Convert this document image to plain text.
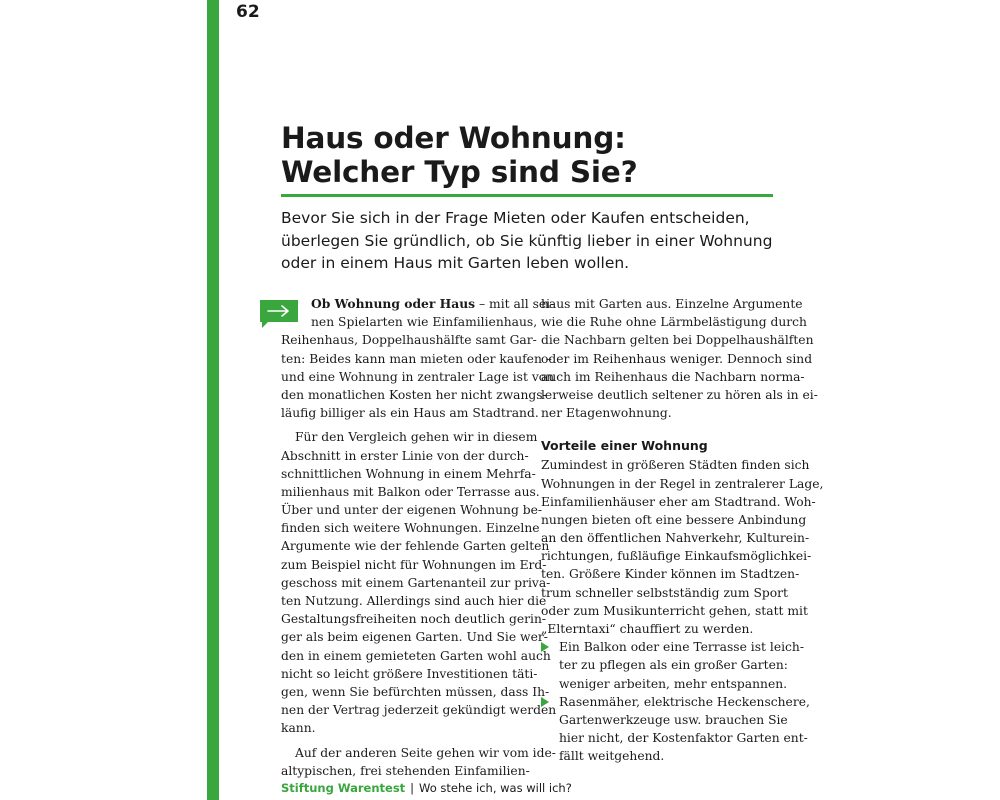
62
Haus oder Wohnung:
Welcher Typ sind Sie?

Bevor Sie sich in der Frage Mieten oder Kaufen entscheiden,
überlegen Sie gründlich, ob Sie künftig lieber in einer Wohnung
oder in einem Haus mit Garten leben wollen.

Ob Wohnung oder Haus – mit all sei-
nen Spielarten wie Einfamilienhaus,
Reihenhaus, Doppelhaushälfte samt Gar-
ten: Beides kann man mieten oder kaufen –
und eine Wohnung in zentraler Lage ist von
den monatlichen Kosten her nicht zwangs-
läufig billiger als ein Haus am Stadtrand.
Für den Vergleich gehen wir in diesem
Abschnitt in erster Linie von der durch-
schnittlichen Wohnung in einem Mehrfa-
milienhaus mit Balkon oder Terrasse aus.
Über und unter der eigenen Wohnung be-
finden sich weitere Wohnungen. Einzelne
Argumente wie der fehlende Garten gelten
zum Beispiel nicht für Wohnungen im Erd-
geschoss mit einem Gartenanteil zur priva-
ten Nutzung. Allerdings sind auch hier die
Gestaltungsfreiheiten noch deutlich gerin-
ger als beim eigenen Garten. Und Sie wer-
den in einem gemieteten Garten wohl auch
nicht so leicht größere Investitionen täti-
gen, wenn Sie befürchten müssen, dass Ih-
nen der Vertrag jederzeit gekündigt werden
kann.
Auf der anderen Seite gehen wir vom ide-
altypischen, frei stehenden Einfamilien-
haus mit Garten aus. Einzelne Argumente
wie die Ruhe ohne Lärmbelästigung durch
die Nachbarn gelten bei Doppelhaushälften
oder im Reihenhaus weniger. Dennoch sind
auch im Reihenhaus die Nachbarn norma-
lerweise deutlich seltener zu hören als in ei-
ner Etagenwohnung.
Vorteile einer Wohnung
Zumindest in größeren Städten finden sich
Wohnungen in der Regel in zentralerer Lage,
Einfamilienhäuser eher am Stadtrand. Woh-
nungen bieten oft eine bessere Anbindung
an den öffentlichen Nahverkehr, Kulturein-
richtungen, fußläufige Einkaufsmöglichkei-
ten. Größere Kinder können im Stadtzen-
trum schneller selbstständig zum Sport
oder zum Musikunterricht gehen, statt mit
„Elterntaxi“ chauffiert zu werden.
Ein Balkon oder eine Terrasse ist leich-
ter zu pflegen als ein großer Garten:
weniger arbeiten, mehr entspannen.
Rasenmäher, elektrische Heckenschere,
Gartenwerkzeuge usw. brauchen Sie
hier nicht, der Kostenfaktor Garten ent-
fällt weitgehend.
Stiftung Warentest | Wo stehe ich, was will ich?
